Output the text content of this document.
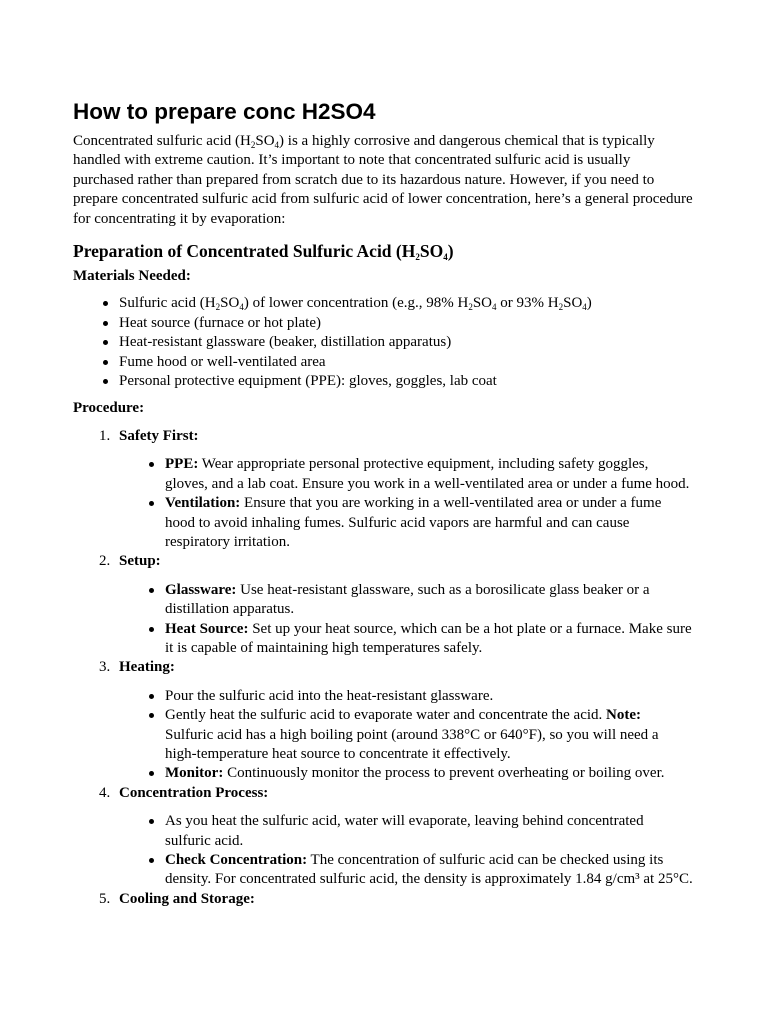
How to prepare conc H2SO4

Concentrated sulfuric acid $(H_2SO_4)$ is a highly corrosive and dangerous chemical that is typically handled with extreme caution. It’s important to note that concentrated sulfuric acid is usually purchased rather than prepared from scratch due to its hazardous nature. However, if you need to prepare concentrated sulfuric acid from sulfuric acid of lower concentration, here’s a general procedure for concentrating it by evaporation:

Preparation of Concentrated Sulfuric Acid $(H_2SO_4)$
Materials Needed:
Sulfuric acid $(H_2SO_4)$ of lower concentration (e.g., 98% $H_2SO_4$ or 93% $H_2SO_4$)
Heat source (furnace or hot plate)
Heat-resistant glassware (beaker, distillation apparatus)
Fume hood or well-ventilated area
Personal protective equipment (PPE): gloves, goggles, lab coat
Procedure:
1. Safety First:
PPE: Wear appropriate personal protective equipment, including safety goggles, gloves, and a lab coat. Ensure you work in a well-ventilated area or under a fume hood.
Ventilation: Ensure that you are working in a well-ventilated area or under a fume hood to avoid inhaling fumes. Sulfuric acid vapors are harmful and can cause respiratory irritation.
2. Setup:
Glassware: Use heat-resistant glassware, such as a borosilicate glass beaker or a distillation apparatus.
Heat Source: Set up your heat source, which can be a hot plate or a furnace. Make sure it is capable of maintaining high temperatures safely.
3. Heating:
Pour the sulfuric acid into the heat-resistant glassware.
Gently heat the sulfuric acid to evaporate water and concentrate the acid. Note: Sulfuric acid has a high boiling point (around 338°C or 640°F), so you will need a high-temperature heat source to concentrate it effectively.
Monitor: Continuously monitor the process to prevent overheating or boiling over.
4. Concentration Process:
As you heat the sulfuric acid, water will evaporate, leaving behind concentrated sulfuric acid.
Check Concentration: The concentration of sulfuric acid can be checked using its density. For concentrated sulfuric acid, the density is approximately 1.84 g/cm³ at 25°C.
5. Cooling and Storage:
